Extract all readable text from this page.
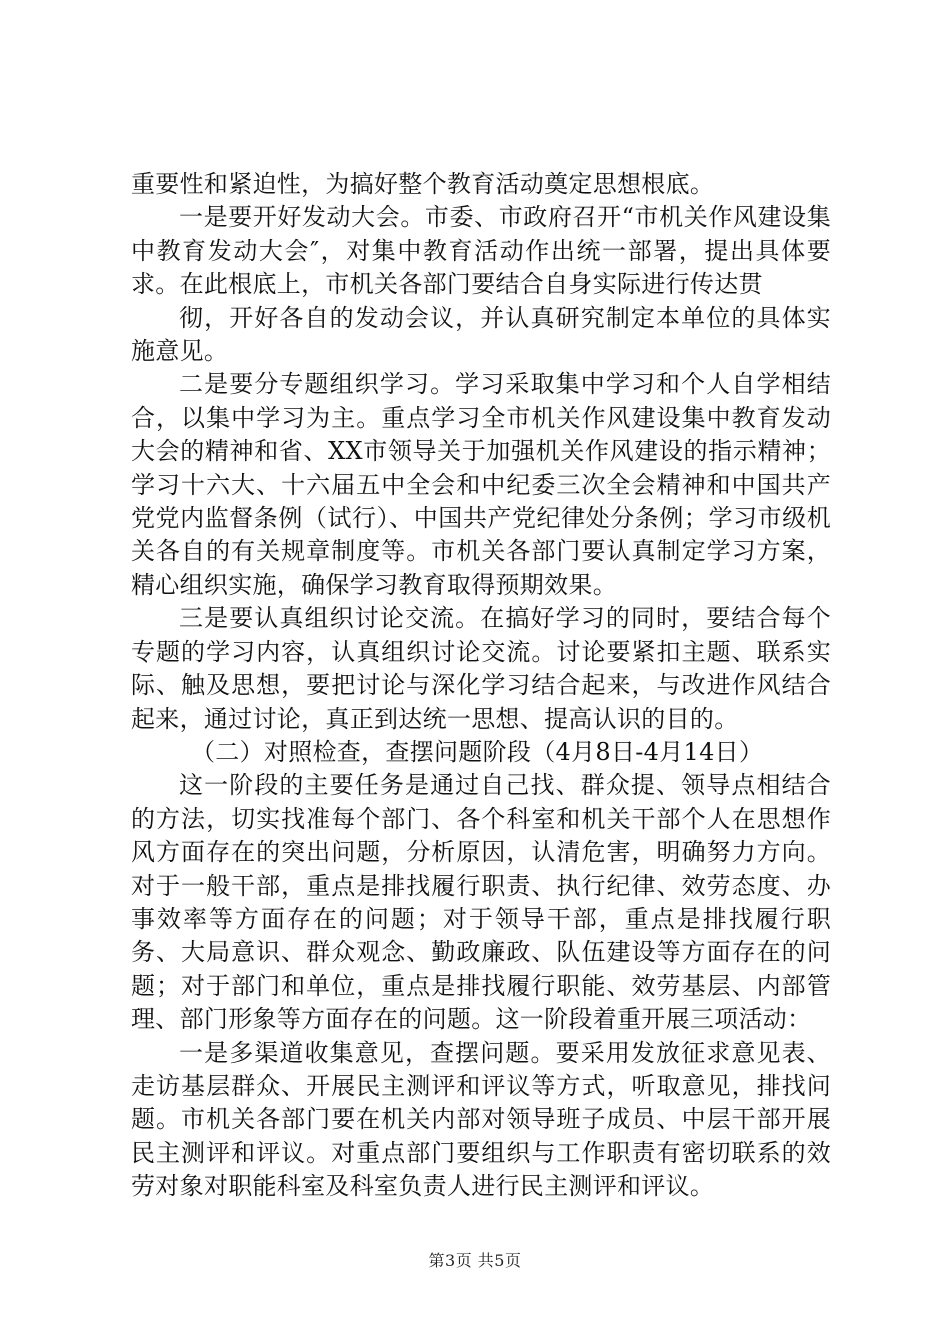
重要性和紧迫性，为搞好整个教育活动奠定思想根底。

一是要开好发动大会。市委、市政府召开“市机关作风建设集中教育发动大会″，对集中教育活动作出统一部署，提出具体要求。在此根底上，市机关各部门要结合自身实际进行传达贯

彻，开好各自的发动会议，并认真研究制定本单位的具体实施意见。

二是要分专题组织学习。学习采取集中学习和个人自学相结合，以集中学习为主。重点学习全市机关作风建设集中教育发动大会的精神和省、XX市领导关于加强机关作风建设的指示精神；学习十六大、十六届五中全会和中纪委三次全会精神和中国共产党党内监督条例（试行）、中国共产党纪律处分条例；学习市级机关各自的有关规章制度等。市机关各部门要认真制定学习方案，精心组织实施，确保学习教育取得预期效果。

三是要认真组织讨论交流。在搞好学习的同时，要结合每个专题的学习内容，认真组织讨论交流。讨论要紧扣主题、联系实际、触及思想，要把讨论与深化学习结合起来，与改进作风结合起来，通过讨论，真正到达统一思想、提高认识的目的。

（二）对照检查，查摆问题阶段（4月8日-4月14日）

这一阶段的主要任务是通过自己找、群众提、领导点相结合的方法，切实找准每个部门、各个科室和机关干部个人在思想作风方面存在的突出问题，分析原因，认清危害，明确努力方向。对于一般干部，重点是排找履行职责、执行纪律、效劳态度、办事效率等方面存在的问题；对于领导干部，重点是排找履行职务、大局意识、群众观念、勤政廉政、队伍建设等方面存在的问题；对于部门和单位，重点是排找履行职能、效劳基层、内部管理、部门形象等方面存在的问题。这一阶段着重开展三项活动：

一是多渠道收集意见，查摆问题。要采用发放征求意见表、走访基层群众、开展民主测评和评议等方式，听取意见，排找问题。市机关各部门要在机关内部对领导班子成员、中层干部开展民主测评和评议。对重点部门要组织与工作职责有密切联系的效劳对象对职能科室及科室负责人进行民主测评和评议。

第3页 共5页
